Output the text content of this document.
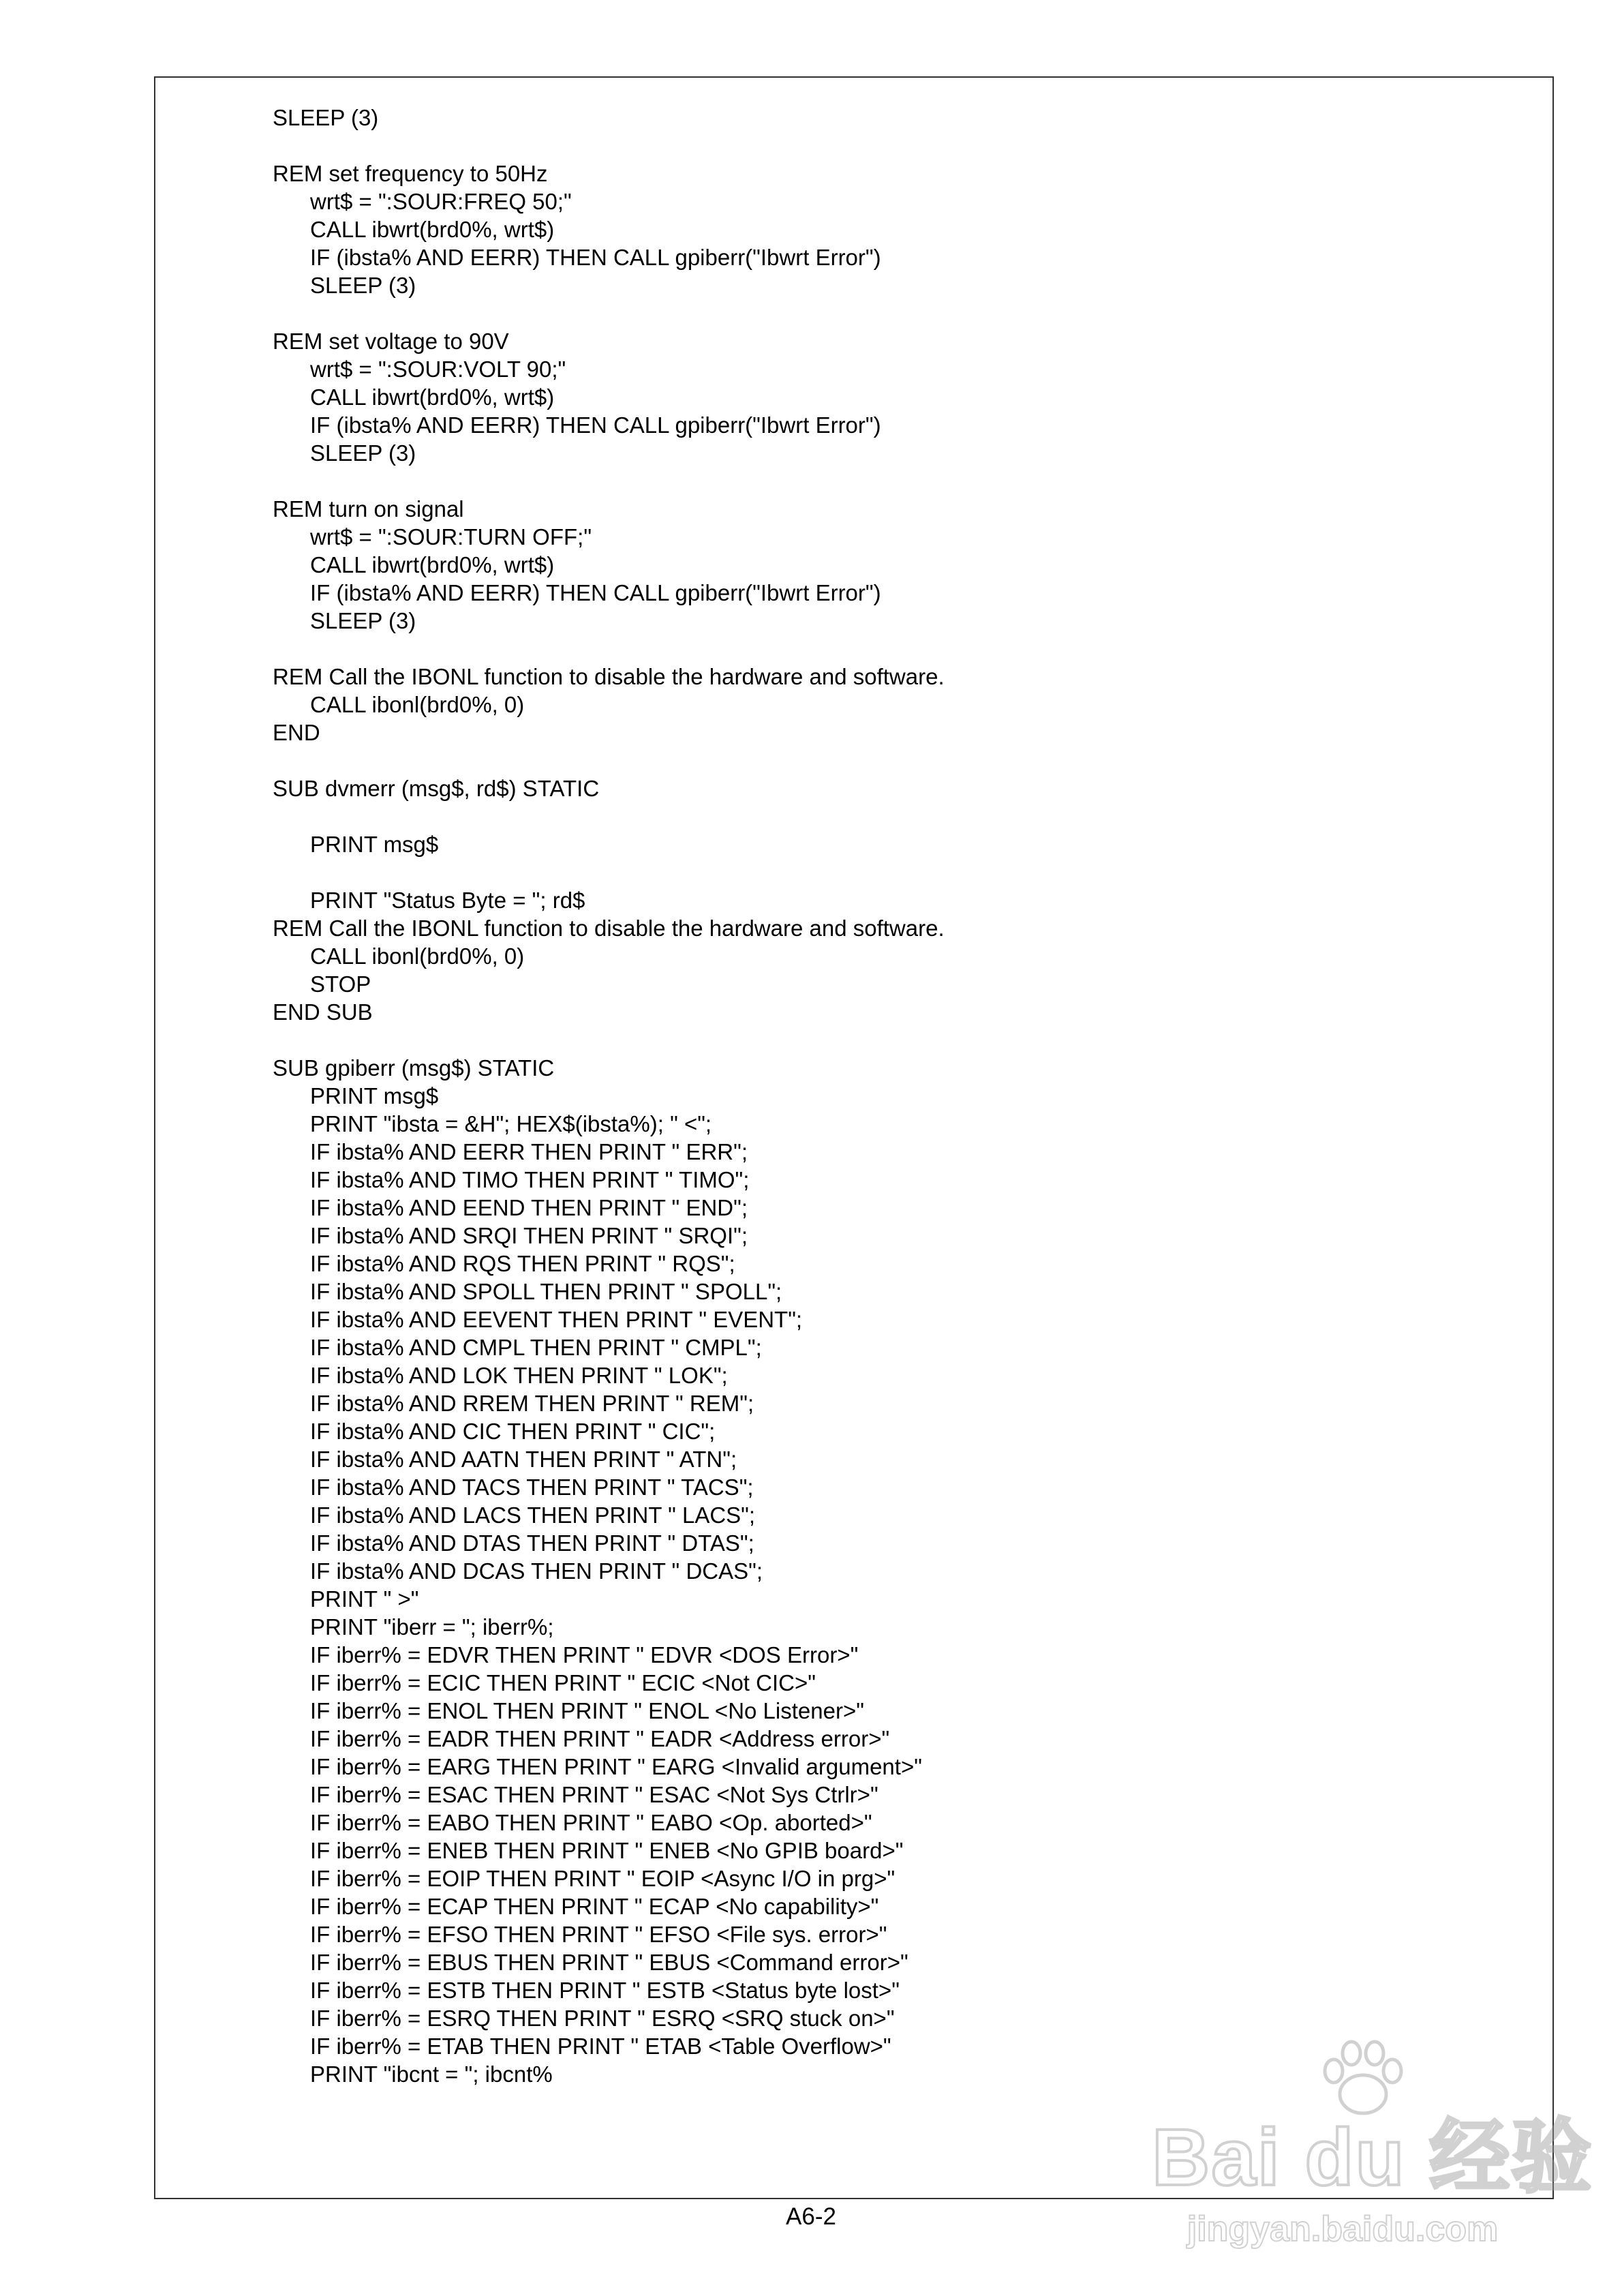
SLEEP (3)
REM set frequency to 50Hz
wrt$ = ":SOUR:FREQ 50;"
CALL ibwrt(brd0%, wrt$)
IF (ibsta% AND EERR) THEN CALL gpiberr("Ibwrt Error")
SLEEP (3)
REM set voltage to 90V
wrt$ = ":SOUR:VOLT 90;"
CALL ibwrt(brd0%, wrt$)
IF (ibsta% AND EERR) THEN CALL gpiberr("Ibwrt Error")
SLEEP (3)
REM turn on signal
wrt$ = ":SOUR:TURN OFF;"
CALL ibwrt(brd0%, wrt$)
IF (ibsta% AND EERR) THEN CALL gpiberr("Ibwrt Error")
SLEEP (3)
REM Call the IBONL function to disable the hardware and software.
CALL ibonl(brd0%, 0)
END
SUB dvmerr (msg$, rd$) STATIC
PRINT msg$
PRINT "Status Byte = "; rd$
REM Call the IBONL function to disable the hardware and software.
CALL ibonl(brd0%, 0)
STOP
END SUB
SUB gpiberr (msg$) STATIC
PRINT msg$
PRINT "ibsta = &H"; HEX$(ibsta%); " <";
IF ibsta% AND EERR THEN PRINT " ERR";
IF ibsta% AND TIMO THEN PRINT " TIMO";
IF ibsta% AND EEND THEN PRINT " END";
IF ibsta% AND SRQI THEN PRINT " SRQI";
IF ibsta% AND RQS THEN PRINT " RQS";
IF ibsta% AND SPOLL THEN PRINT " SPOLL";
IF ibsta% AND EEVENT THEN PRINT " EVENT";
IF ibsta% AND CMPL THEN PRINT " CMPL";
IF ibsta% AND LOK THEN PRINT " LOK";
IF ibsta% AND RREM THEN PRINT " REM";
IF ibsta% AND CIC THEN PRINT " CIC";
IF ibsta% AND AATN THEN PRINT " ATN";
IF ibsta% AND TACS THEN PRINT " TACS";
IF ibsta% AND LACS THEN PRINT " LACS";
IF ibsta% AND DTAS THEN PRINT " DTAS";
IF ibsta% AND DCAS THEN PRINT " DCAS";
PRINT " >"
PRINT "iberr = "; iberr%;
IF iberr% = EDVR THEN PRINT " EDVR <DOS Error>"
IF iberr% = ECIC THEN PRINT " ECIC <Not CIC>"
IF iberr% = ENOL THEN PRINT " ENOL <No Listener>"
IF iberr% = EADR THEN PRINT " EADR <Address error>"
IF iberr% = EARG THEN PRINT " EARG <Invalid argument>"
IF iberr% = ESAC THEN PRINT " ESAC <Not Sys Ctrlr>"
IF iberr% = EABO THEN PRINT " EABO <Op. aborted>"
IF iberr% = ENEB THEN PRINT " ENEB <No GPIB board>"
IF iberr% = EOIP THEN PRINT " EOIP <Async I/O in prg>"
IF iberr% = ECAP THEN PRINT " ECAP <No capability>"
IF iberr% = EFSO THEN PRINT " EFSO <File sys. error>"
IF iberr% = EBUS THEN PRINT " EBUS <Command error>"
IF iberr% = ESTB THEN PRINT " ESTB <Status byte lost>"
IF iberr% = ESRQ THEN PRINT " ESRQ <SRQ stuck on>"
IF iberr% = ETAB THEN PRINT " ETAB <Table Overflow>"
PRINT "ibcnt = "; ibcnt%
A6-2
Bai du 经验
jingyan.baidu.com
